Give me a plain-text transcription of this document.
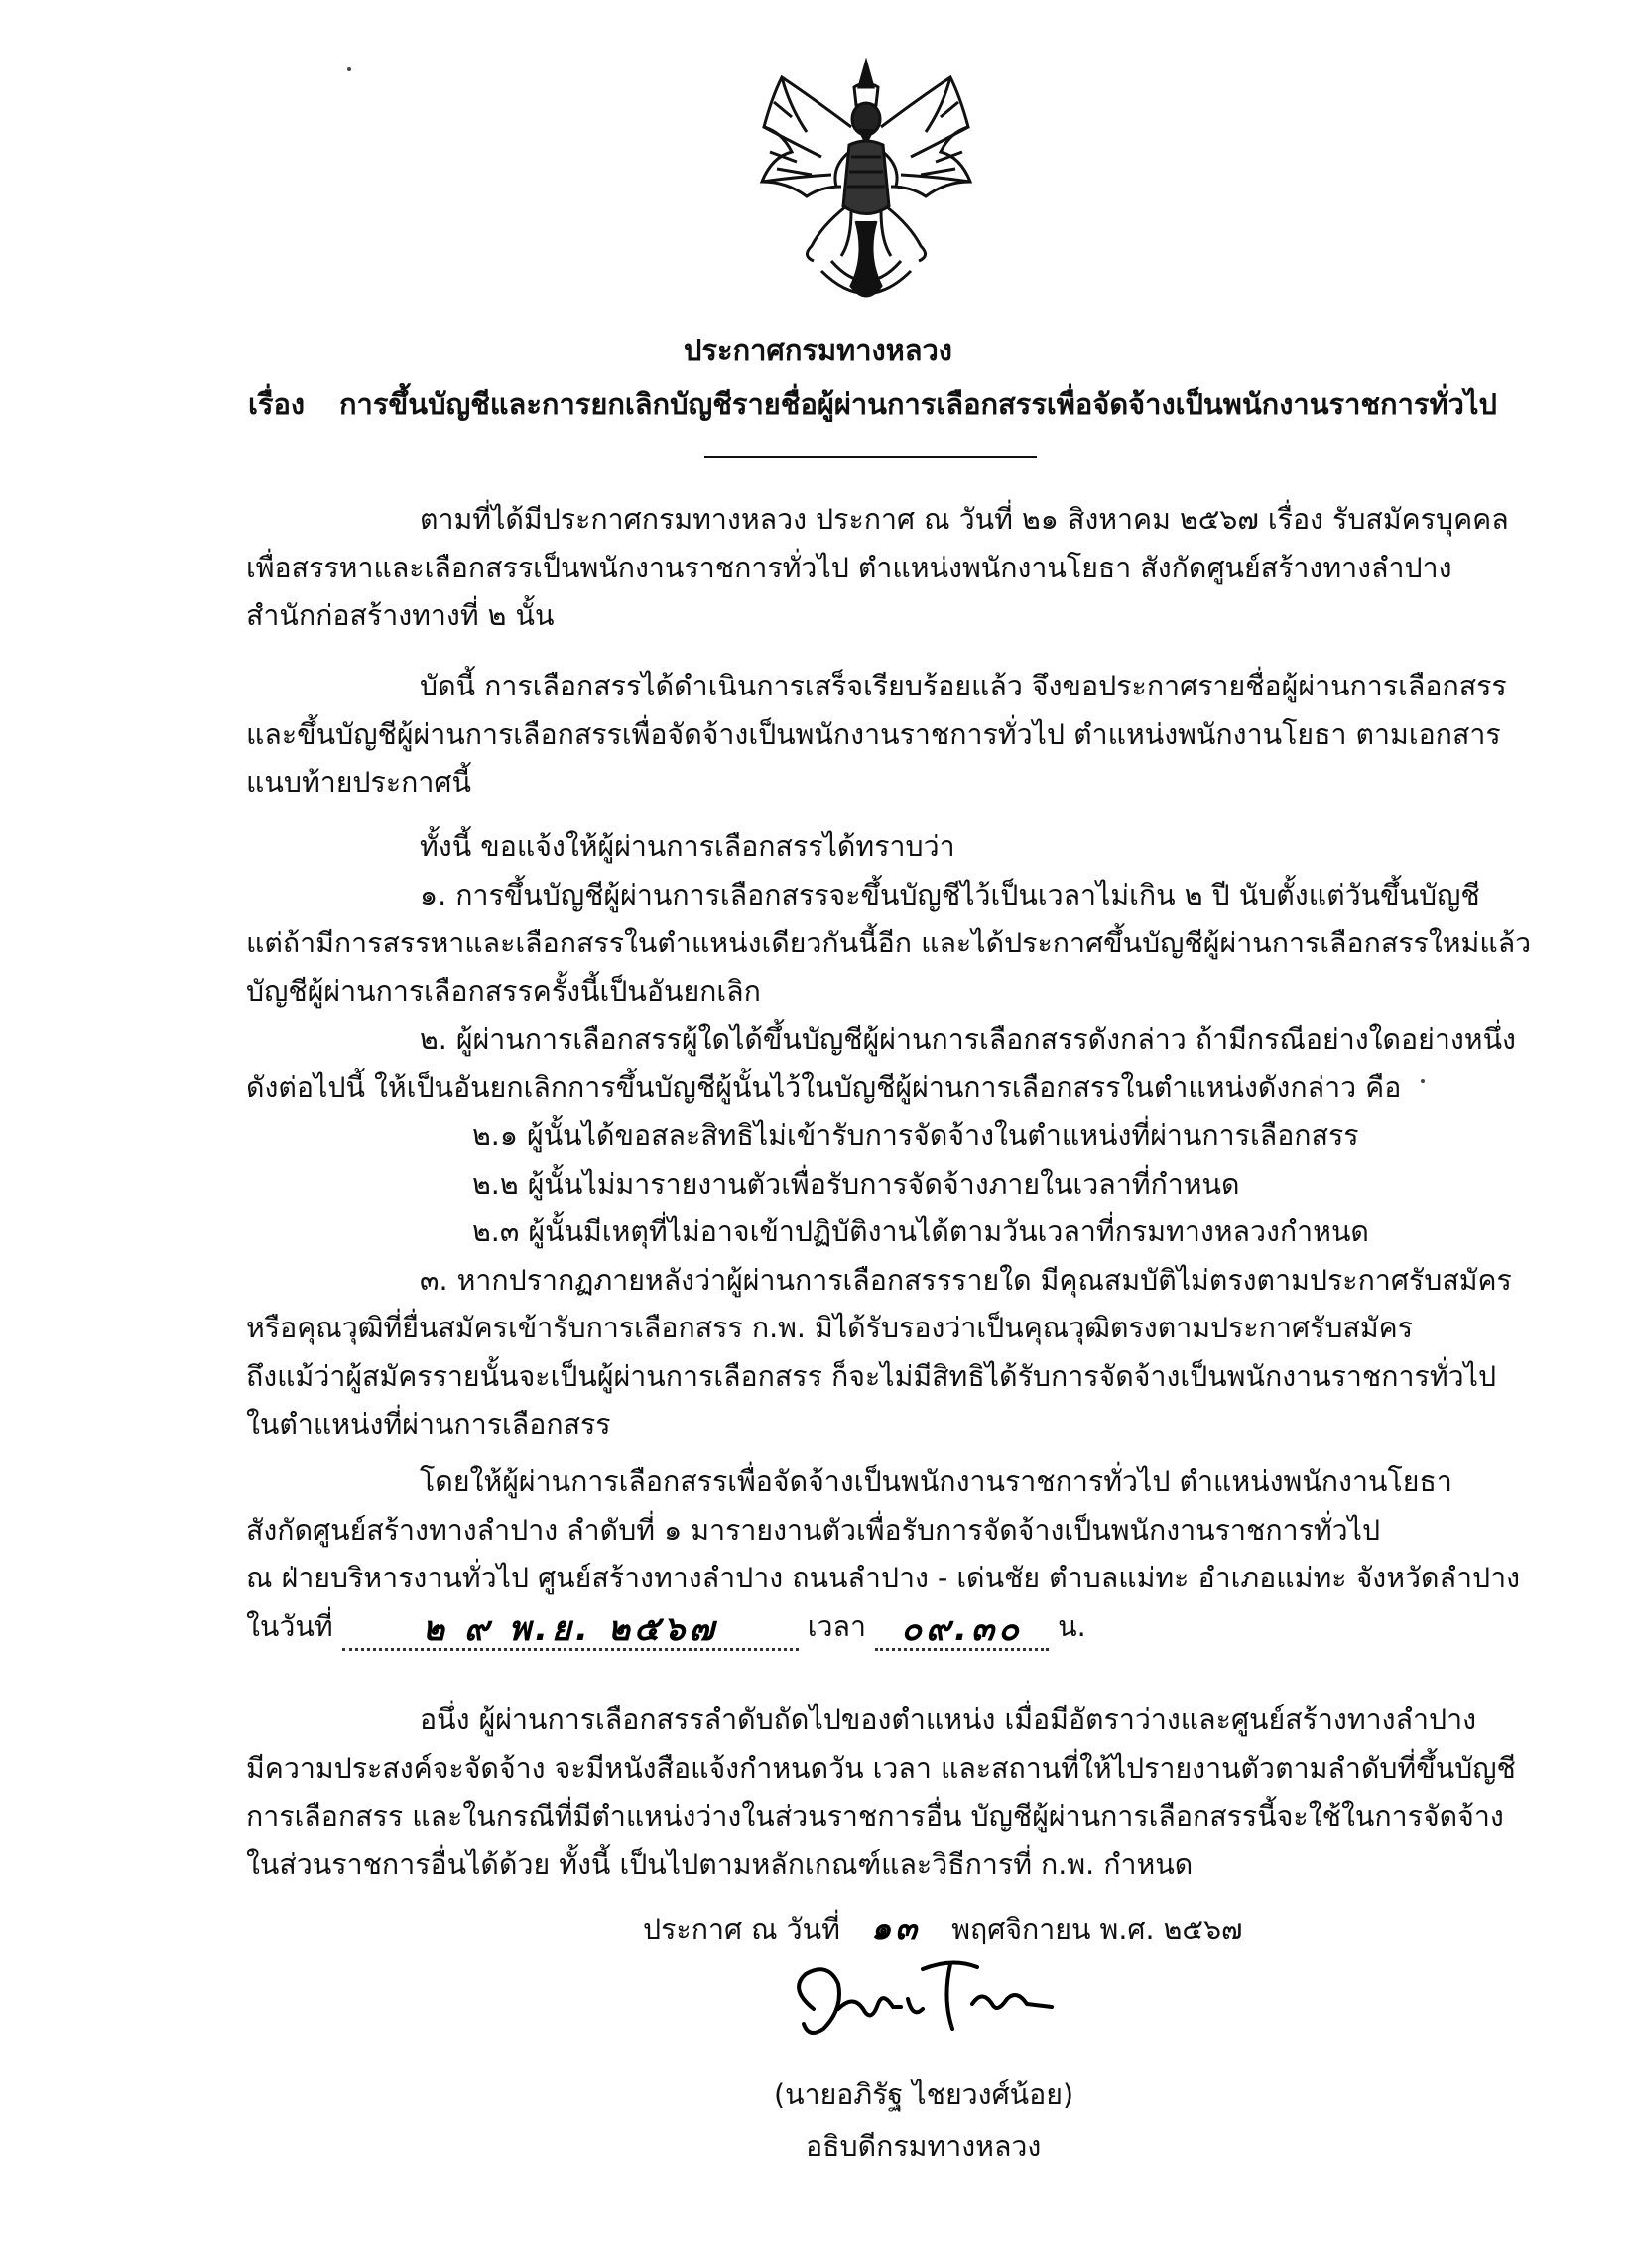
ประกาศกรมทางหลวง
เรื่อง การขึ้นบัญชีและการยกเลิกบัญชีรายชื่อผู้ผ่านการเลือกสรรเพื่อจัดจ้างเป็นพนักงานราชการทั่วไป
ตามที่ได้มีประกาศกรมทางหลวง ประกาศ ณ วันที่ ๒๑ สิงหาคม ๒๕๖๗ เรื่อง รับสมัครบุคคล
เพื่อสรรหาและเลือกสรรเป็นพนักงานราชการทั่วไป ตำแหน่งพนักงานโยธา สังกัดศูนย์สร้างทางลำปาง
สำนักก่อสร้างทางที่ ๒ นั้น
บัดนี้ การเลือกสรรได้ดำเนินการเสร็จเรียบร้อยแล้ว จึงขอประกาศรายชื่อผู้ผ่านการเลือกสรร
และขึ้นบัญชีผู้ผ่านการเลือกสรรเพื่อจัดจ้างเป็นพนักงานราชการทั่วไป ตำแหน่งพนักงานโยธา ตามเอกสาร
แนบท้ายประกาศนี้
ทั้งนี้ ขอแจ้งให้ผู้ผ่านการเลือกสรรได้ทราบว่า
๑. การขึ้นบัญชีผู้ผ่านการเลือกสรรจะขึ้นบัญชีไว้เป็นเวลาไม่เกิน ๒ ปี นับตั้งแต่วันขึ้นบัญชี
แต่ถ้ามีการสรรหาและเลือกสรรในตำแหน่งเดียวกันนี้อีก และได้ประกาศขึ้นบัญชีผู้ผ่านการเลือกสรรใหม่แล้ว
บัญชีผู้ผ่านการเลือกสรรครั้งนี้เป็นอันยกเลิก
๒. ผู้ผ่านการเลือกสรรผู้ใดได้ขึ้นบัญชีผู้ผ่านการเลือกสรรดังกล่าว ถ้ามีกรณีอย่างใดอย่างหนึ่ง
ดังต่อไปนี้ ให้เป็นอันยกเลิกการขึ้นบัญชีผู้นั้นไว้ในบัญชีผู้ผ่านการเลือกสรรในตำแหน่งดังกล่าว คือ
๒.๑ ผู้นั้นได้ขอสละสิทธิไม่เข้ารับการจัดจ้างในตำแหน่งที่ผ่านการเลือกสรร
๒.๒ ผู้นั้นไม่มารายงานตัวเพื่อรับการจัดจ้างภายในเวลาที่กำหนด
๒.๓ ผู้นั้นมีเหตุที่ไม่อาจเข้าปฏิบัติงานได้ตามวันเวลาที่กรมทางหลวงกำหนด
๓. หากปรากฏภายหลังว่าผู้ผ่านการเลือกสรรรายใด มีคุณสมบัติไม่ตรงตามประกาศรับสมัคร
หรือคุณวุฒิที่ยื่นสมัครเข้ารับการเลือกสรร ก.พ. มิได้รับรองว่าเป็นคุณวุฒิตรงตามประกาศรับสมัคร
ถึงแม้ว่าผู้สมัครรายนั้นจะเป็นผู้ผ่านการเลือกสรร ก็จะไม่มีสิทธิได้รับการจัดจ้างเป็นพนักงานราชการทั่วไป
ในตำแหน่งที่ผ่านการเลือกสรร
โดยให้ผู้ผ่านการเลือกสรรเพื่อจัดจ้างเป็นพนักงานราชการทั่วไป ตำแหน่งพนักงานโยธา
สังกัดศูนย์สร้างทางลำปาง ลำดับที่ ๑ มารายงานตัวเพื่อรับการจัดจ้างเป็นพนักงานราชการทั่วไป
ณ ฝ่ายบริหารงานทั่วไป ศูนย์สร้างทางลำปาง ถนนลำปาง - เด่นชัย ตำบลแม่ทะ อำเภอแม่ทะ จังหวัดลำปาง
ในวันที่	๒ ๙ พ.ย. ๒๕๖๗	เวลา ๐๙.๓๐ น.
อนึ่ง ผู้ผ่านการเลือกสรรลำดับถัดไปของตำแหน่ง เมื่อมีอัตราว่างและศูนย์สร้างทางลำปาง
มีความประสงค์จะจัดจ้าง จะมีหนังสือแจ้งกำหนดวัน เวลา และสถานที่ให้ไปรายงานตัวตามลำดับที่ขึ้นบัญชี
การเลือกสรร และในกรณีที่มีตำแหน่งว่างในส่วนราชการอื่น บัญชีผู้ผ่านการเลือกสรรนี้จะใช้ในการจัดจ้าง
ในส่วนราชการอื่นได้ด้วย ทั้งนี้ เป็นไปตามหลักเกณฑ์และวิธีการที่ ก.พ. กำหนด
ประกาศ ณ วันที่ ๑๓ พฤศจิกายน พ.ศ. ๒๕๖๗
(นายอภิรัฐ ไชยวงศ์น้อย)
อธิบดีกรมทางหลวง
